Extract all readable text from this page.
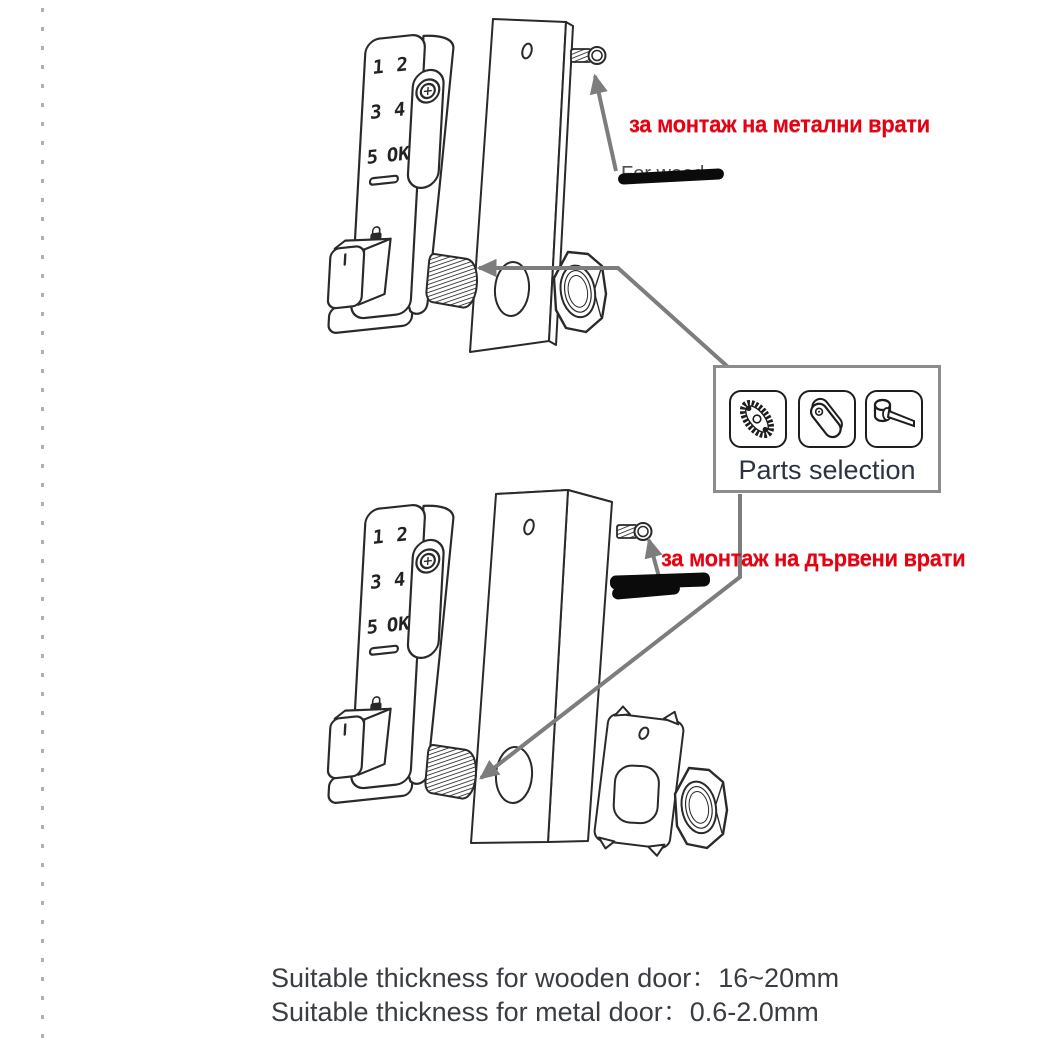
1 2
3 4
5 OK
1 2
3 4
5 OK
за монтаж на метални врати
за монтаж на дървени врати
Parts selection
Suitable thickness for wooden door：16~20mm
Suitable thickness for metal door：0.6-2.0mm
